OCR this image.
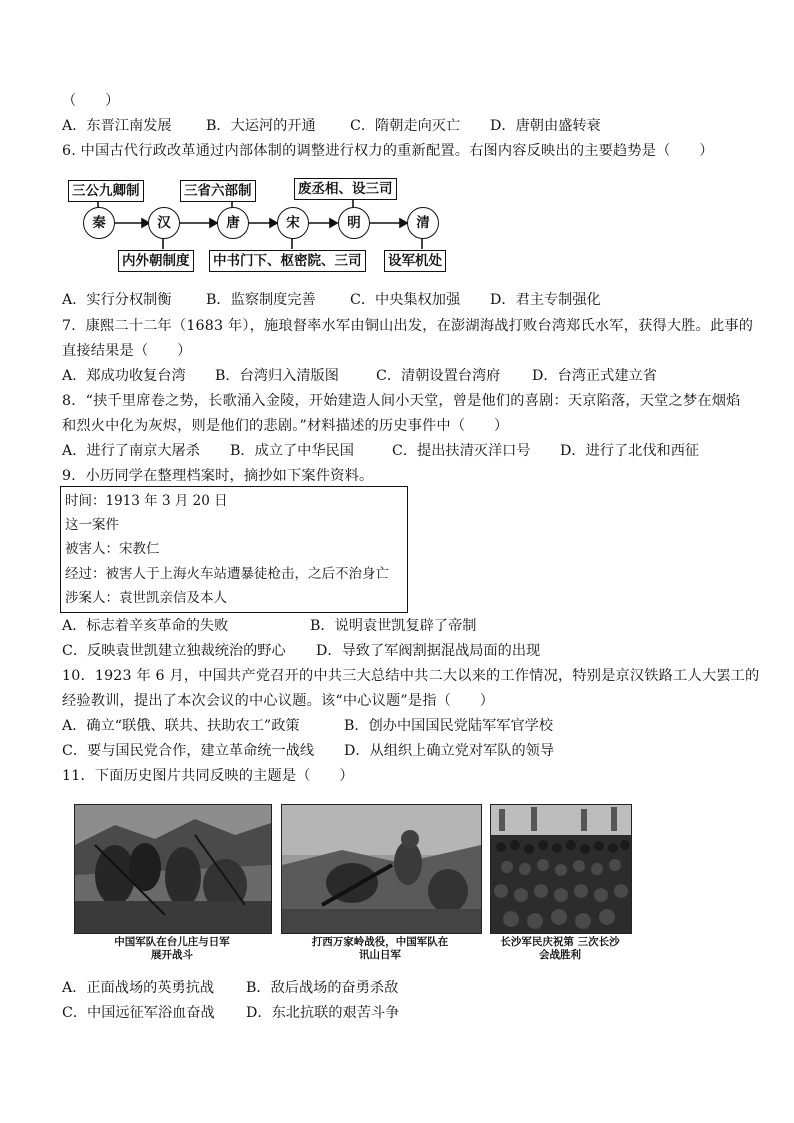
（　　）
A．东晋江南发展 B．大运河的开通 C．隋朝走向灭亡 D．唐朝由盛转衰
6. 中国古代行政改革通过内部体制的调整进行权力的重新配置。右图内容反映出的主要趋势是（　　）
三公九卿制	三省六部制	废丞相、设三司
秦	汉	唐	宋	明	清
内外朝制度 中书门下、枢密院、三司 设军机处
A．实行分权制衡 B．监察制度完善 C．中央集权加强 D．君主专制强化
7．康熙二十二年（1683 年），施琅督率水军由铜山出发，在澎湖海战打败台湾郑氏水军，获得大胜。此事的
直接结果是（　　）
A．郑成功收复台湾 B．台湾归入清版图	C．清朝设置台湾府 D．台湾正式建立省
8．“挟千里席卷之势，长歌涌入金陵，开始建造人间小天堂，曾是他们的喜剧：天京陷落，天堂之梦在烟焰
和烈火中化为灰烬，则是他们的悲剧。”材料描述的历史事件中（　　）
A．进行了南京大屠杀 B．成立了中华民国	C．提出扶清灭洋口号 D．进行了北伐和西征
9．小历同学在整理档案时，摘抄如下案件资料。
时间：1913 年 3 月 20 日
这一案件
被害人：宋教仁
经过：被害人于上海火车站遭暴徒枪击，之后不治身亡
涉案人：袁世凯亲信及本人
A．标志着辛亥革命的失败	B．说明袁世凯复辟了帝制
C．反映袁世凯建立独裁统治的野心 D．导致了军阀割据混战局面的出现
10．1923 年 6 月，中国共产党召开的中共三大总结中共二大以来的工作情况，特别是京汉铁路工人大罢工的
经验教训，提出了本次会议的中心议题。该“中心议题”是指（　　）
A．确立“联俄、联共、扶助农工”政策	B．创办中国国民党陆军军官学校
C．要与国民党合作，建立革命统一战线 D．从组织上确立党对军队的领导
11．下面历史图片共同反映的主题是（　　）
中国军队在台儿庄与日军
展开战斗
打西万家岭战役，中国军队在
讯山日军
长沙军民庆祝第 三次长沙
会战胜利
A．正面战场的英勇抗战 B．敌后战场的奋勇杀敌
C．中国远征军浴血奋战 D．东北抗联的艰苦斗争
